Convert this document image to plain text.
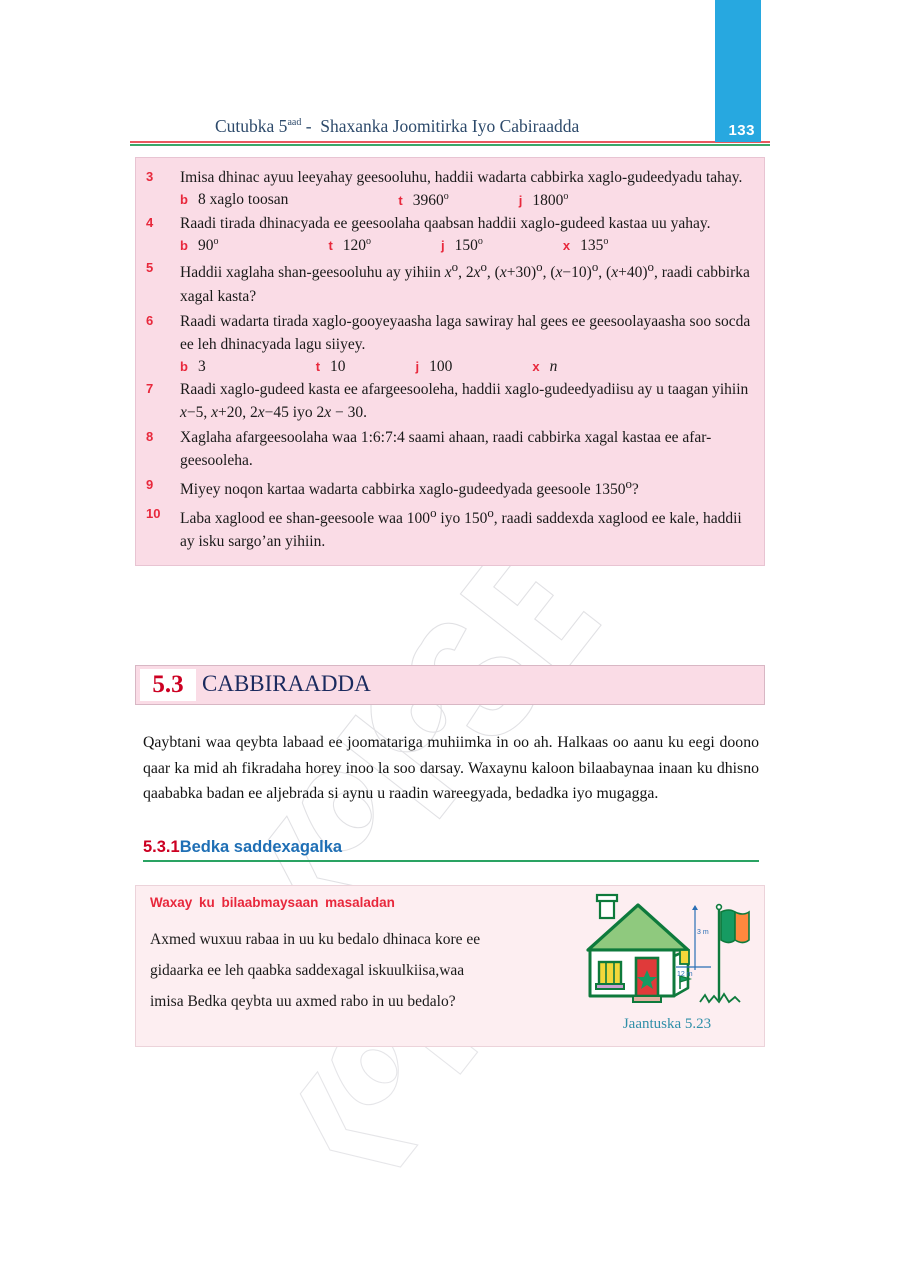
133
Cutubka $5^{aad}$ - Shaxanka Joomitirka Iyo Cabiraadda
3	Imisa dhinac ayuu leeyahay geesooluhu, haddii wadarta cabbirka xaglo-gudeedyadu tahay.
b 8 xaglo toosan	t 3960$^o$	j 1800$^o$
4	Raadi tirada dhinacyada ee geesoolaha qaabsan haddii xaglo-gudeed kastaa uu yahay.
b 90$^o$	t 120$^o$	j 150$^o$	x 135$^o$
5	Haddii xaglaha shan-geesooluhu ay yihiin $x^o$, $2x^o$, $(x+30)^o$, $(x-10)^o$, $(x+40)^o$, raadi cabbirka xagal kasta?
6	Raadi wadarta tirada xaglo-gooyeyaasha laga sawiray hal gees ee geesoolayaasha soo socda ee leh dhinacyada lagu siiyey.
b 3	t 10	j 100	x n
7	Raadi xaglo-gudeed kasta ee afargeesooleha, haddii xaglo-gudeedyadiisu ay u taagan yihiin x−5, x+20, 2x−45 iyo 2x − 30.
8	Xaglaha afargeesoolaha waa 1:6:7:4 saami ahaan, raadi cabbirka xagal kastaa ee afar-geesooleha.
9	Miyey noqon kartaa wadarta cabbirka xaglo-gudeedyada geesoole 1350$^o$?
10	Laba xaglood ee shan-geesoole waa 100$^o$ iyo 150$^o$, raadi saddexda xaglood ee kale, haddii ay isku sargo’an yihiin.
5.3 CABBIRAADDA
Qaybtani waa qeybta labaad ee joomatariga muhiimka in oo ah. Halkaas oo aanu ku eegi doono qaar ka mid ah fikradaha horey inoo la soo darsay. Waxaynu kaloon bilaabaynaa inaan ku dhisno qaababka badan ee aljebrada si aynu u raadin wareegyada, bedadka iyo mugagga.
5.3.1Bedka saddexagalka
Waxay ku bilaabmaysaan masaladan
Axmed wuxuu rabaa in uu ku bedalo dhinaca kore ee
gidaarka ee leh qaabka saddexagal iskuulkiisa,waa
imisa Bedka qeybta uu axmed rabo in uu bedalo?
3 m
12 m
Jaantuska 5.23
